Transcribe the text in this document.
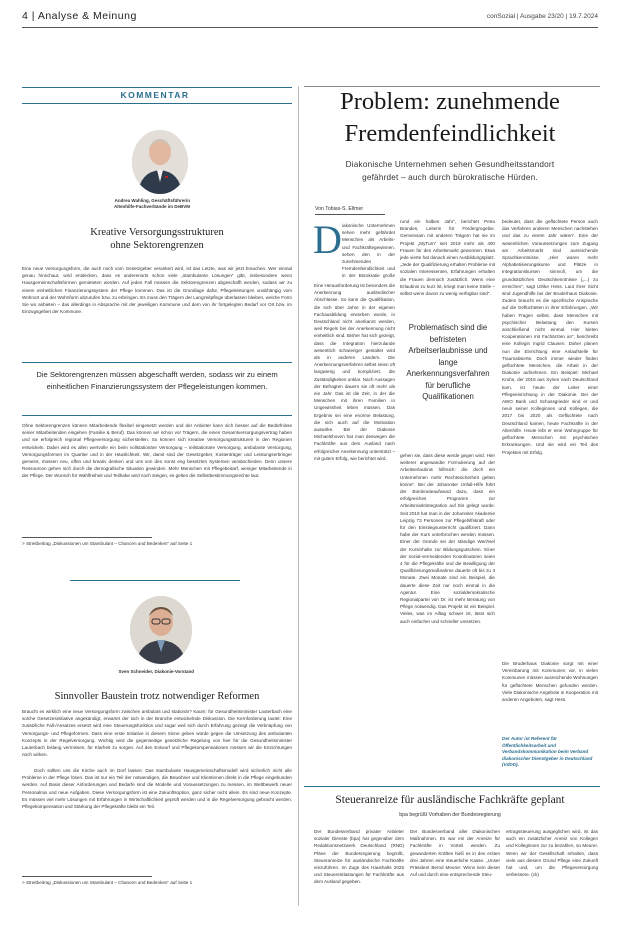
4 | Analyse & Meinung	conSozial | Ausgabe 23/20 | 19.7.2024
KOMMENTAR
Andrea Wahling, Geschäftsführerin
Altenhilfe-Fachverbände im DeBVM
Kreative Versorgungsstrukturen
ohne Sektorengrenzen
Eine neue Versorgungsform, die auch noch vom Gesetzgeber verankert wird, ist das Letzte, was wir jetzt brauchen. Wer einmal genau hinschaut, wird entdecken, dass es anderenorts schon viele „stambulante Lösungen“ gibt, insbesondere wenn Hausgemeinschaftsformen gemieteten werden. Auf jeden Fall müssen die Sektorengrenzen abgeschafft werden, sodass wir zu einem einheitlichen Finanzierungssystem der Pflege kommen. Das ist die Grundlage dafür, Pflegeleistungen unabhängig vom Wohnort und der Wohnform abzurufen bzw. zu erbringen. Es muss den Trägern der Langzeitpflege überlassen bleiben, welche Form Sie wo anbieten – das allerdings in Absprache mit der jeweiligen Kommune und dem von ihr fortgelegten Bedarf vor Ort bzw. im Einzugsgebiet der Kommune.
Die Sektorengrenzen müssen abgeschafft werden, sodass wir zu einem einheitlichen Finanzierungssystem der Pflegeleistungen kommen.
Ohne Sektorengrenzen können Mitarbeitende flexibel eingesetzt werden und der Anbieter kann sich besser auf die Bedürfnisse seiner Mitarbeitenden eingehen (Familie & Beruf). Das können wir schon vor Trägern, die einen Gesamtversorgungsvertrag haben und sie erfolgreich regional Pflegeversorgung sicherstellen. So können sich kreative Versorgungsstrukturen in den Regionen entwickeln. Dabei wird es allen wertvolle ein beim vollstationäre Versorgung – teilstationäre Versorgung, ambulante Versorgung, Versorgungsformen im Quartier und in der Häuslichkeit. Wir, damit sind der Gesetzgeber, Kostenträger und Leistungserbringer gemeint, müssen neu, offen und kreativ denken und uns von den sonst eng besetzten Systemen verabschieden. Denn unsere Ressourcen gehen sich durch die demografische Situation gewinden. Mehr Menschen mit Pflegebedarf, weniger Mitarbeitende in der Pflege. Der Wunsch für Wahlfreiheit und Teilhabe wird noch steigen, es gelten die Selbstbestimmungsrechte laut.
> Streitbeitrag „Diskussionen um Stambulant – Chancen und Bedenken“ auf Seite 1
Sven Schneider, Diakonie-Vorstand
Sinnvoller Baustein trotz notwendiger Reformen
Braucht es wirklich eine neue Versorgungsform zwischen ambulant und stationär? Kaum: für Gesundheitsminister Lauterbach eine solche Gesetzesinitiative angekündigt, erwartet der sich in der Branche entwickelnde Diskussion. Die Kernforderung lautet: Eine zusätzliche Fall-/Ansatzes ersetzt wird eine Steuerungsfunktion und sogar weil sich durch Erfahrung gezeigt die Verknüpfung von Versorgungs- und Pflegeformen. Dass eine erste Initiative in diesem Sinne geben würde gegen die Umsetzung des ambulanten Konzepts in der Regelversorgung. Wichtig wird die gegenseitige gesetzliche Regelung von hier für die Gesundheitsminister Lauterbach bislang vermissen, für Klarheit zu sorgen. Auf den Entwurf und Pflegekompensationen müssen wir die Einrichtungen noch wirken.
Doch sollten uns die Kirche auch im Dorf lassen: Das stambulante Hausgemeinschaftsmodell wird sicherlich nicht alle Probleme in der Pflege lösen. Das ist nur ein Teil der notwendigen, die Bewohner und Klientinnen direkt in die Pflege eingebunden werden. Auf Basis dieser Anforderungen und Bedarfe sind die Modelle und Voraussetzungen zu messen, im Wettbewerb neuer Personalmix und neue Aufgaben. Diese Versorgungsform ist eine Zukunftsoption, ganz sicher nicht allein. Es sind neue Konzepte. Es müssen viel mehr Lösungen mit Erfahrungen in Wirtschaftlichkeit geprüft werden und in die Regelversorgung gebracht werden. Pflegekompensation und Stärkung der Pflegekräfte bleibt ein Teil.
> Streitbeitrag „Diskussionen um Stambulant – Chancen und Bedenken“ auf Seite 1
Problem: zunehmende
Fremdenfeindlichkeit
Diakonische Unternehmen sehen Gesundheitsstandort
gefährdet – auch durch bürokratische Hürden.
Von Tobias-S. Ellmer
D iakonische Unternehmen sehen mehr gefährdet Menschen als Arbeits- und Fachkräftegewinnen. sehen den in der zunehmenden Fremdenfeindlichkeit und in der Bürokratie große
Eine Herausforderung ist besonders die Anerkennung ausländischer Abschlüsse. So kann die Qualifikation, die sich über Jahre in der eigenen Fachausbildung erworben wurde, in Deutschland nicht anerkannt werden, weil Regeln bei der Anerkennung nicht einheitlich sind. Bisher hat sich gezeigt, dass die Integration hierzulande wesentlich schwieriger gestaltet wird als in anderen Ländern. Die Anerkennungsverfahren selbst seien oft langwierig und kompliziert, die Zuständigkeiten unklar. Nach Aussagen der Befragten dauern sie oft mehr als ein Jahr. Das ist die Zeit, in der die Menschen mit ihren Familien in Ungewissheit leben müssen. Das Ergebnis sei eine enorme Belastung, die sich auch auf die Motivation auswirke. Bei der Diakonie Michaelshoven hat man deswegen die Fachkräfte aus dem Ausland nach erfolgreicher Anerkennung unterstützt – mit gutem Erfolg, wie berichtet wird.
rund ein halbes Jahr“, berichtet Petra Brandes, Leiterin für Fördergrogebie. Gemeinsam mit anderen Trägern hat sie im Projekt „MyTurn“ seit 2019 mehr als 400 Frauen für den Arbeitsmarkt gewonnen. Etwa jede vierte hat danach einen Ausbildungsplatz. „Jede der Qualifizierung erhalten Probleme mit sozialen Interessenten, Erfahrungen erhalten die Frauen dennoch zusätzlich. Wenn eine Erlaubnis zu kurz ist, kriegt man keine Stelle – selbst wenn davon zu wenig verfügbar sind“.
Problematisch sind die befristeten Arbeitserlaubnisse und lange Anerkennungsverfahren für berufliche Qualifikationen
gehen sie, dass diese werde gegen wird. Hier weiterer angewandte Formulierung auf der Arbeitserlaubnis hilfreich: die doch ein Unternehmen mehr Rechtssicherheit geben könne“. Bei der Johanniter Unfall-Hilfe führt der Bürokratieaufwand dazu, dass ein erfolgreiches Programm zur Arbeitsmarktintegration auf Eis gelegt wurde. Seit 2019 hat man in der Johanniter Akademie Leipzig 73 Personen zur Pflegehilfskraft oder für den Einstiegsunterricht qualifiziert. Dann habe der Kurs unterbrochen werden müssen. Einer der Gründe sei der ständige Wechsel der Kursinhalte zur Bildungsgutschein. Einer der sozial-vermeidenden Koordinatoren seien 4 für die Pflegekräfte und die Bewilligung der Qualifizierungsmaßnahme dauerte oft bis zu 3 Monate. Zwei Monate sind ein Beispiel, die dauerte diese Zeit nur noch einmal in die Agentur. Eine sozialdemokratische Regionalpartei von Dr. ist mehr Beratung von Pflege notwendig. Das Projekt ist ein Beispiel. Vieles, was im Alltag schwer ist, lässt sich auch einfacher und schneller umsetzen.
bedeutet, dass die geflüchtete Person auch das Verfahren anderen Menschen nachstehen und das zu einem Jahr wären“. Eine der wesentlichen Voraussetzungen zum Zugang am Arbeitsmarkt sind ausreichende Sprachkenntnisse. „Hier waren mehr Alphabetisierungskurse und Plätze in Integrationskursen sinnvoll, um die grundsätzlichen Deutschkenntnisse („...) zu erreichen“, sagt Ulrike Hess. Laut ihrer Sicht sind Jugendhilfe bei der Bruderhaus Diakonie. Zudem braucht es die spezifische Ansprache auf die Geflüchteten in ihrer Erfahrungen. „Wir haben Fragen selbst, dass Menschen mit psychischer Belastung den Kursen anschließend nicht einmal. Hier bieten Kooperationen mit Fachärzten an“, beschreibt eine Kollegin Ingrid Clausen. Daher planen nun die Einrichtung eine Anlaufstelle für Traumatisierte. Doch immer wieder finden geflüchtete Menschen, die Arbeit in der Diakonie aufnehmen. Ein Beispiel: Michael Kruhn, der 2015 aus Syrien nach Deutschland kam, ist heute der Leiter einer Pflegeeinrichtung in der Diakonie. Bei der AWO Bank und Schussgrieder sind er und neun seiner Kolleginnen und Kollegen, die 2017 bis 2020 als Geflüchtete nach Deutschland kamen, heute Fachkräfte in der Altenhilfe. Heute lebt er eine Wohngruppe für geflüchtete Menschen mit psychischen Erkrankungen. Und sie wird ein Teil des Projektes mit Erfolg.
Die Bruderhaus Diakonie sorgt mit einer Vereinbarung mit Kommunen vor, in vielen Kommunen müssen ausreichende Wohnungen für geflüchtete Menschen gefunden werden. Viele Diakonische Angebote in Kooperation mit anderen Angeboten, sagt Hess.
Der Autor ist Referent für Öffentlichkeitsarbeit und Verbandskommunikation beim Verband diakonischer Dienstgeber in Deutschland (VdDD).
Steueranreize für ausländische Fachkräfte geplant
bpa begrüßt Vorhaben der Bundesregierung
Der Bundesverband privater Anbieter sozialer Dienste (bpa) hat gegenüber dem Redaktionsnetzwerk Deutschland (RND) Pläne der Bundesregierung begrüßt, Steueranreize für ausländische Fachkräfte einzuführen. Im Zuge des Haushalts 2025 und Steuerentlastungen für Fachkräfte aus dem Ausland gegeben.
Der Bundesverband aller Diakonischen Maßnahmen. Es war ein der Anreize für Fachkräfte in Vorteil werden. Zu gewanderten Kräften hieß es in den ersten drei Jahren eine steuerliche Kasse. „Unser Präsident Bernd Meurer: Wenn kein dieser Auf und durch eine entsprechende Steu-
ertragssteuerung ausgeglichen wird, ist das auch ein zusätzlicher Anreiz von Kollegen und Kolleginnen zur zu bezahlen, so Meurer. Wenn wir der Gesellschaft erhalten, dass viele aus diesem Grund Pflege eine Zukunft hat und, um die Pflegeversorgung verbessere. (ck)
